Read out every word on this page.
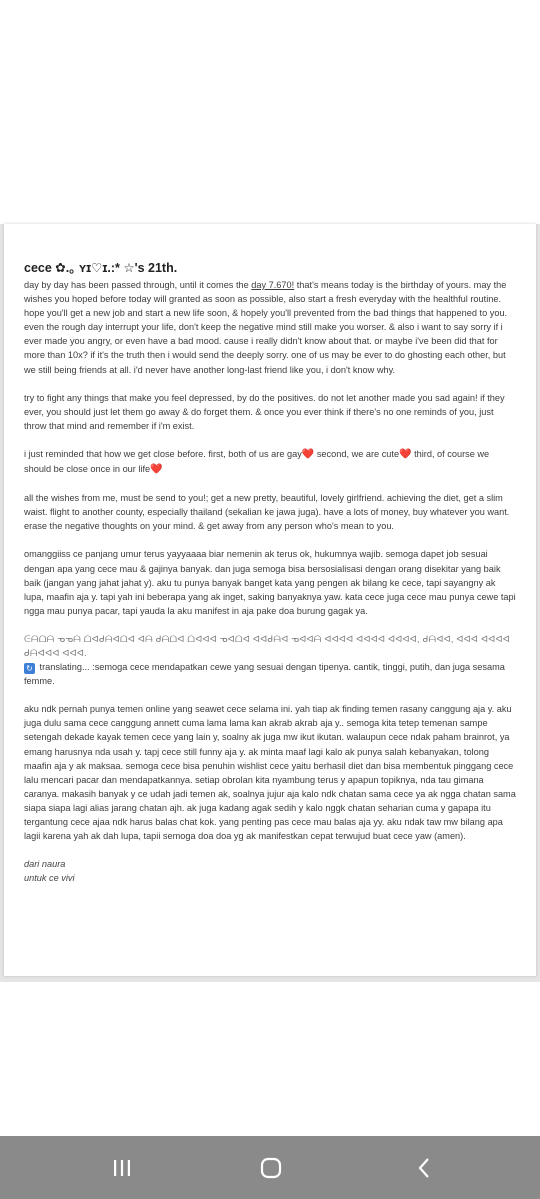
cece ✿.｡ ʏɪ♡ɪ.:* ☆'s 21th.
day by day has been passed through, until it comes the day 7.670! that's means today is the birthday of yours. may the wishes you hoped before today will granted as soon as possible, also start a fresh everyday with the healthful routine. hope you'll get a new job and start a new life soon, & hopely you'll prevented from the bad things that happened to you. even the rough day interrupt your life, don't keep the negative mind still make you worser. & also i want to say sorry if i ever made you angry, or even have a bad mood. cause i really didn't know about that. or maybe i've been did that for more than 10x? if it's the truth then i would send the deeply sorry. one of us may be ever to do ghosting each other, but we still being friends at all. i'd never have another long-last friend like you, i don't know why.
try to fight any things that make you feel depressed, by do the positives. do not let another made you sad again! if they ever, you should just let them go away & do forget them. & once you ever think if there's no one reminds of you, just throw that mind and remember if i'm exist.
i just reminded that how we get close before. first, both of us are gay❤️ second, we are cute❤️ third, of course we should be close once in our life❤️
all the wishes from me, must be send to you!; get a new pretty, beautiful, lovely girlfriend. achieving the diet, get a slim waist. flight to another county, especially thailand (sekalian ke jawa juga). have a lots of money, buy whatever you want. erase the negative thoughts on your mind. & get away from any person who's mean to you.
omanggiiss ce panjang umur terus yayyaaaa biar nemenin ak terus ok, hukumnya wajib. semoga dapet job sesuai dengan apa yang cece mau & gajinya banyak. dan juga semoga bisa bersosialisasi dengan orang disekitar yang baik baik (jangan yang jahat jahat y). aku tu punya banyak banget kata yang pengen ak bilang ke cece, tapi sayangny ak lupa, maafin aja y. tapi yah ini beberapa yang ak inget, saking banyaknya yaw. kata cece juga cece mau punya cewe tapi ngga mau punya pacar, tapi yauda la aku manifest in aja pake doa burung gagak ya.
ᕮᗩᗝᗩ ᓀᓀᗩ ᗝᐊᑯᗩᐊᗝᐊ ᐊᗩ ᑯᗩᗝᐊ ᗝᐊᐊᐊ ᓀᐊᗝᐊ ᐊᐊᑯᗩᐊ ᓀᐊᐊᗩ ᐊᐊᐊᐊ ᐊᐊᐊᐊ ᐊᐊᐊᐊ, ᑯᗩᐊᐊ, ᐊᐊᐊ ᐊᐊᐊᐊ ᑯᗩᐊᐊᐊ ᐊᐊᐊ.
↻ translating... :semoga cece mendapatkan cewe yang sesuai dengan tipenya. cantik, tinggi, putih, dan juga sesama femme.
aku ndk pernah punya temen online yang seawet cece selama ini. yah tiap ak finding temen rasany canggung aja y. aku juga dulu sama cece canggung annett cuma lama lama kan akrab akrab aja y.. semoga kita tetep temenan sampe setengah dekade kayak temen cece yang lain y, soalny ak juga mw ikut ikutan. walaupun cece ndak paham brainrot, ya emang harusnya nda usah y. tapj cece still funny aja y. ak minta maaf lagi kalo ak punya salah kebanyakan, tolong maafin aja y ak maksaa. semoga cece bisa penuhin wishlist cece yaitu berhasil diet dan bisa membentuk pinggang cece lalu mencari pacar dan mendapatkannya. setiap obrolan kita nyambung terus y apapun topiknya, nda tau gimana caranya. makasih banyak y ce udah jadi temen ak, soalnya jujur aja kalo ndk chatan sama cece ya ak ngga chatan sama siapa siapa lagi alias jarang chatan ajh. ak juga kadang agak sedih y kalo nggk chatan seharian cuma y gapapa itu tergantung cece ajaa ndk harus balas chat kok. yang penting pas cece mau balas aja yy. aku ndak taw mw bilang apa lagii karena yah ak dah lupa, tapii semoga doa doa yg ak manifestkan cepat terwujud buat cece yaw (amen).
dari naura
untuk ce vivi
